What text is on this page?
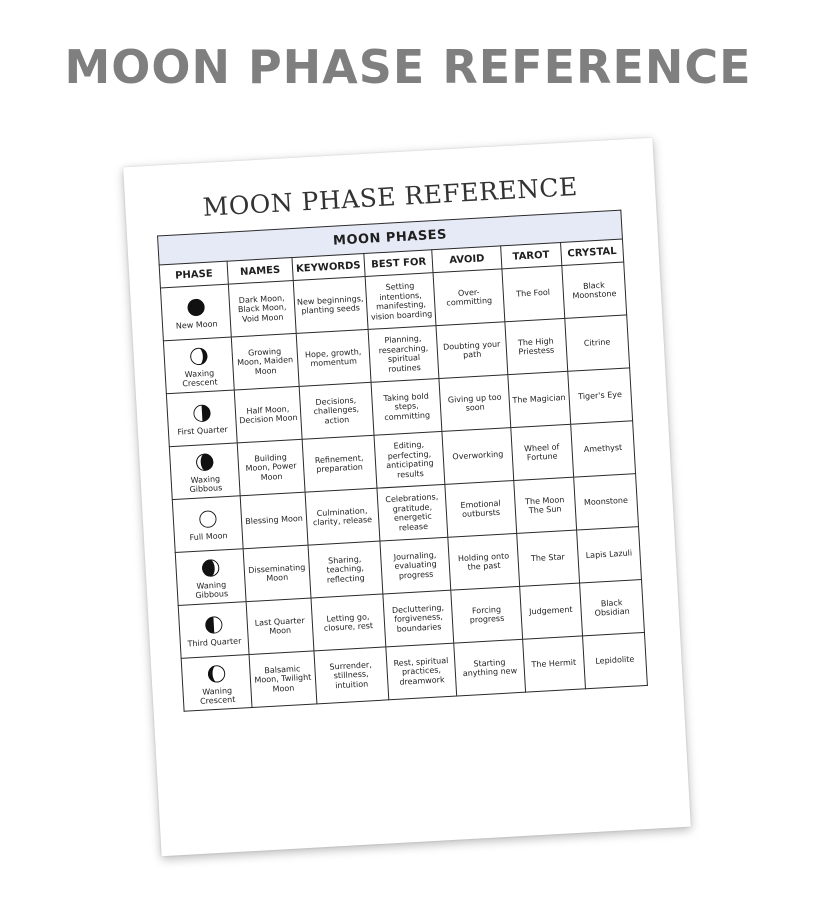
MOON PHASE REFERENCE
MOON PHASE REFERENCE
MOON PHASES						
PHASE	NAMES	KEYWORDS	BEST FOR	AVOID	TAROT	CRYSTAL

New Moon	Dark Moon, Black Moon, Void Moon	New beginnings, planting seeds	Setting intentions, manifesting, vision boarding	Over-committing	The Fool	Black Moonstone

Waxing Crescent	Growing Moon, Maiden Moon	Hope, growth, momentum	Planning, researching, spiritual routines	Doubting your path	The High Priestess	Citrine

First Quarter	Half Moon, Decision Moon	Decisions, challenges, action	Taking bold steps, committing	Giving up too soon	The Magician	Tiger's Eye

Waxing Gibbous	Building Moon, Power Moon	Refinement, preparation	Editing, perfecting, anticipating results	Overworking	Wheel of Fortune	Amethyst

Full Moon	Blessing Moon	Culmination, clarity, release	Celebrations, gratitude, energetic release	Emotional outbursts	The Moon The Sun	Moonstone

Waning Gibbous	Disseminating Moon	Sharing, teaching, reflecting	Journaling, evaluating progress	Holding onto the past	The Star	Lapis Lazuli

Third Quarter	Last Quarter Moon	Letting go, closure, rest	Decluttering, forgiveness, boundaries	Forcing progress	Judgement	Black Obsidian

Waning Crescent	Balsamic Moon, Twilight Moon	Surrender, stillness, intuition	Rest, spiritual practices, dreamwork	Starting anything new	The Hermit	Lepidolite
